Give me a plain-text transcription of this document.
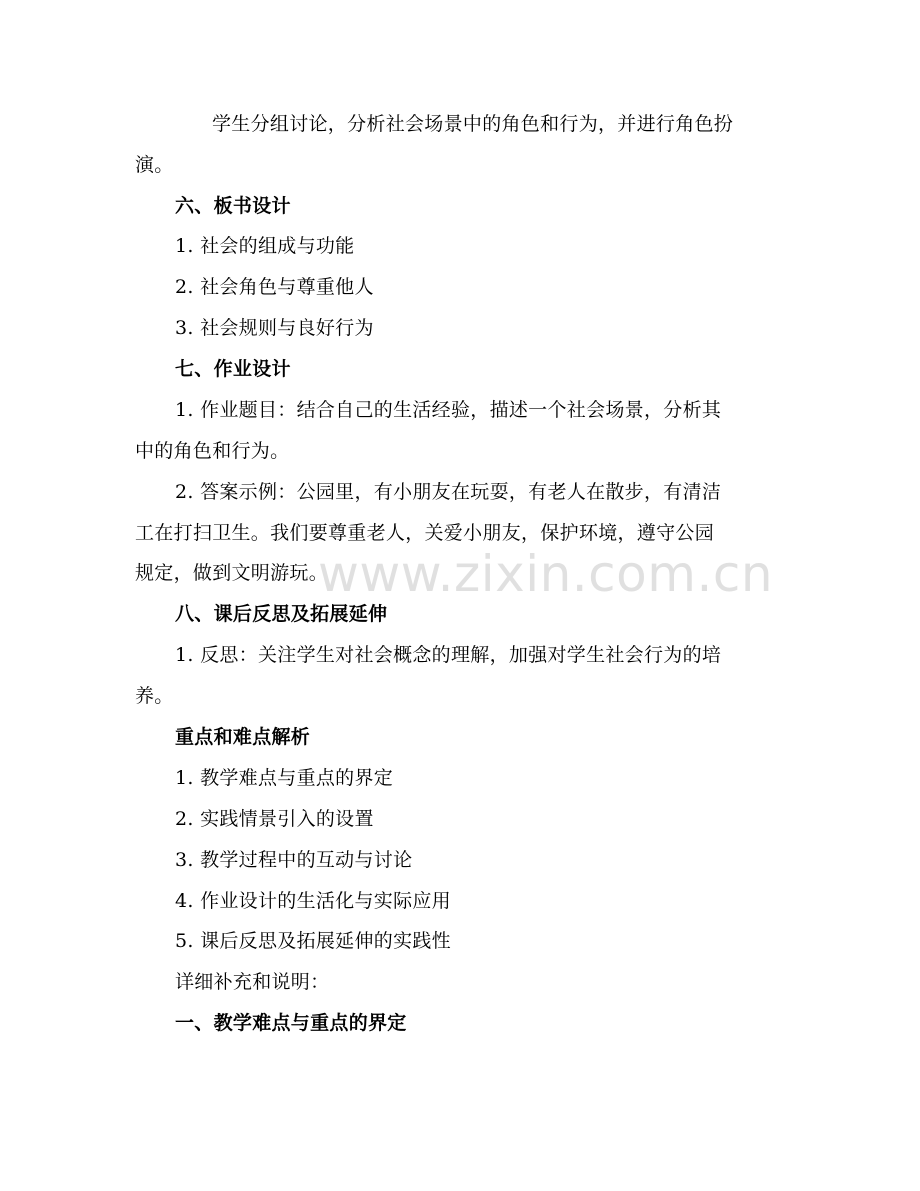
学生分组讨论，分析社会场景中的角色和行为，并进行角色扮
演。
六、板书设计
1. 社会的组成与功能
2. 社会角色与尊重他人
3. 社会规则与良好行为
七、作业设计
1. 作业题目：结合自己的生活经验，描述一个社会场景，分析其
中的角色和行为。
2. 答案示例：公园里，有小朋友在玩耍，有老人在散步，有清洁
工在打扫卫生。我们要尊重老人，关爱小朋友，保护环境，遵守公园
规定，做到文明游玩。
八、课后反思及拓展延伸
1. 反思：关注学生对社会概念的理解，加强对学生社会行为的培
养。
重点和难点解析
1. 教学难点与重点的界定
2. 实践情景引入的设置
3. 教学过程中的互动与讨论
4. 作业设计的生活化与实际应用
5. 课后反思及拓展延伸的实践性
详细补充和说明：
一、教学难点与重点的界定
www.zixin.com.cn
